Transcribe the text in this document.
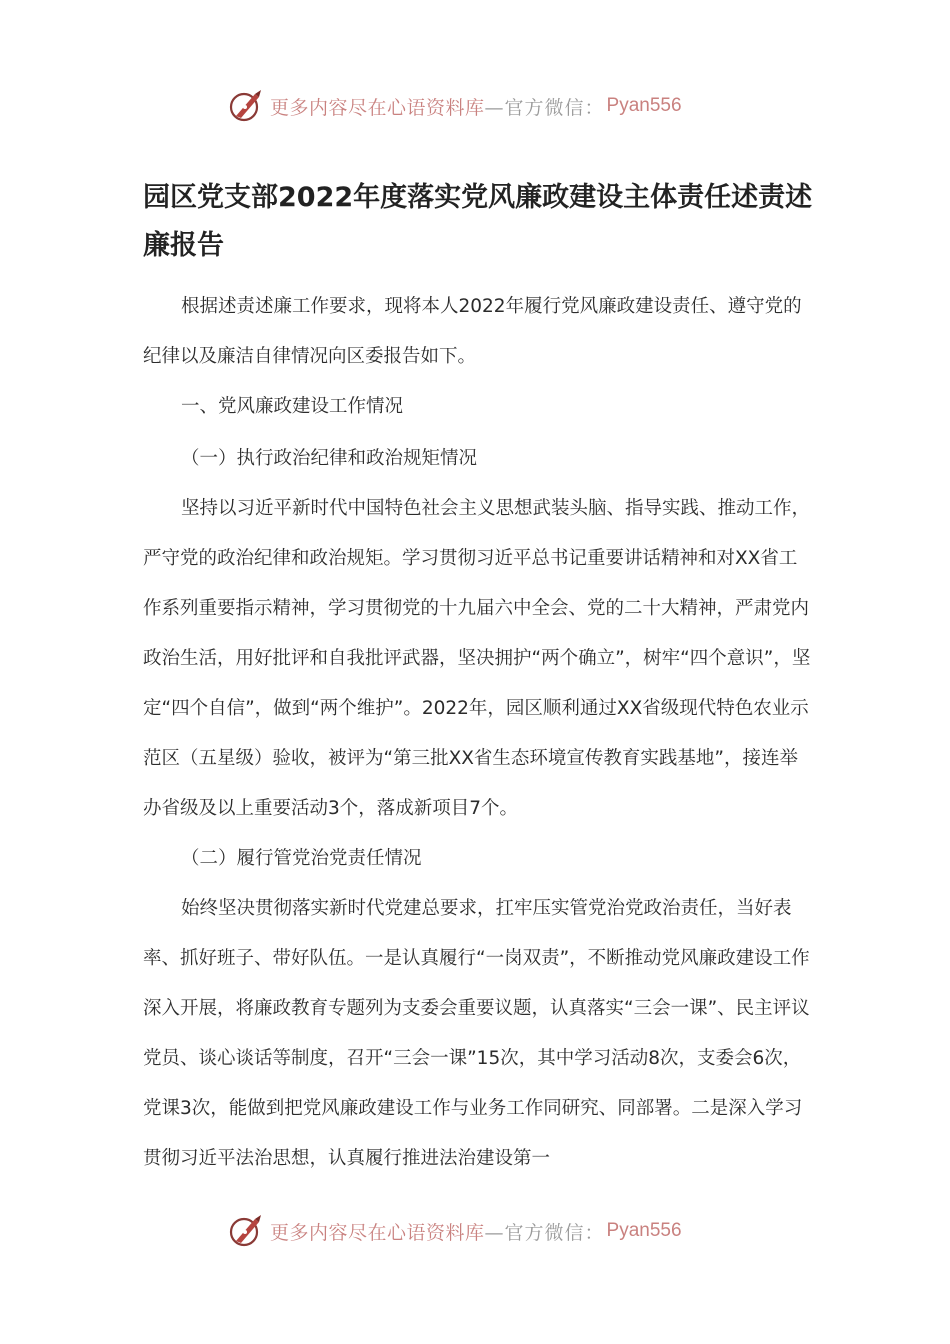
更多内容尽在心语资料库 —官方微信： Pyan556
园区党支部2022年度落实党风廉政建设主体责任述责述廉报告

根据述责述廉工作要求，现将本人2022年履行党风廉政建设责任、遵守党的纪律以及廉洁自律情况向区委报告如下。

一、党风廉政建设工作情况

（一）执行政治纪律和政治规矩情况

坚持以习近平新时代中国特色社会主义思想武装头脑、指导实践、推动工作，严守党的政治纪律和政治规矩。学习贯彻习近平总书记重要讲话精神和对XX省工作系列重要指示精神，学习贯彻党的十九届六中全会、党的二十大精神，严肃党内政治生活，用好批评和自我批评武器，坚决拥护“两个确立”，树牢“四个意识”，坚定“四个自信”，做到“两个维护”。2022年，园区顺利通过XX省级现代特色农业示范区（五星级）验收，被评为“第三批XX省生态环境宣传教育实践基地”，接连举办省级及以上重要活动3个，落成新项目7个。

（二）履行管党治党责任情况

始终坚决贯彻落实新时代党建总要求，扛牢压实管党治党政治责任，当好表率、抓好班子、带好队伍。一是认真履行“一岗双责”，不断推动党风廉政建设工作深入开展，将廉政教育专题列为支委会重要议题，认真落实“三会一课”、民主评议党员、谈心谈话等制度，召开“三会一课”15次，其中学习活动8次，支委会6次，党课3次，能做到把党风廉政建设工作与业务工作同研究、同部署。二是深入学习贯彻习近平法治思想，认真履行推进法治建设第一

更多内容尽在心语资料库 —官方微信： Pyan556
